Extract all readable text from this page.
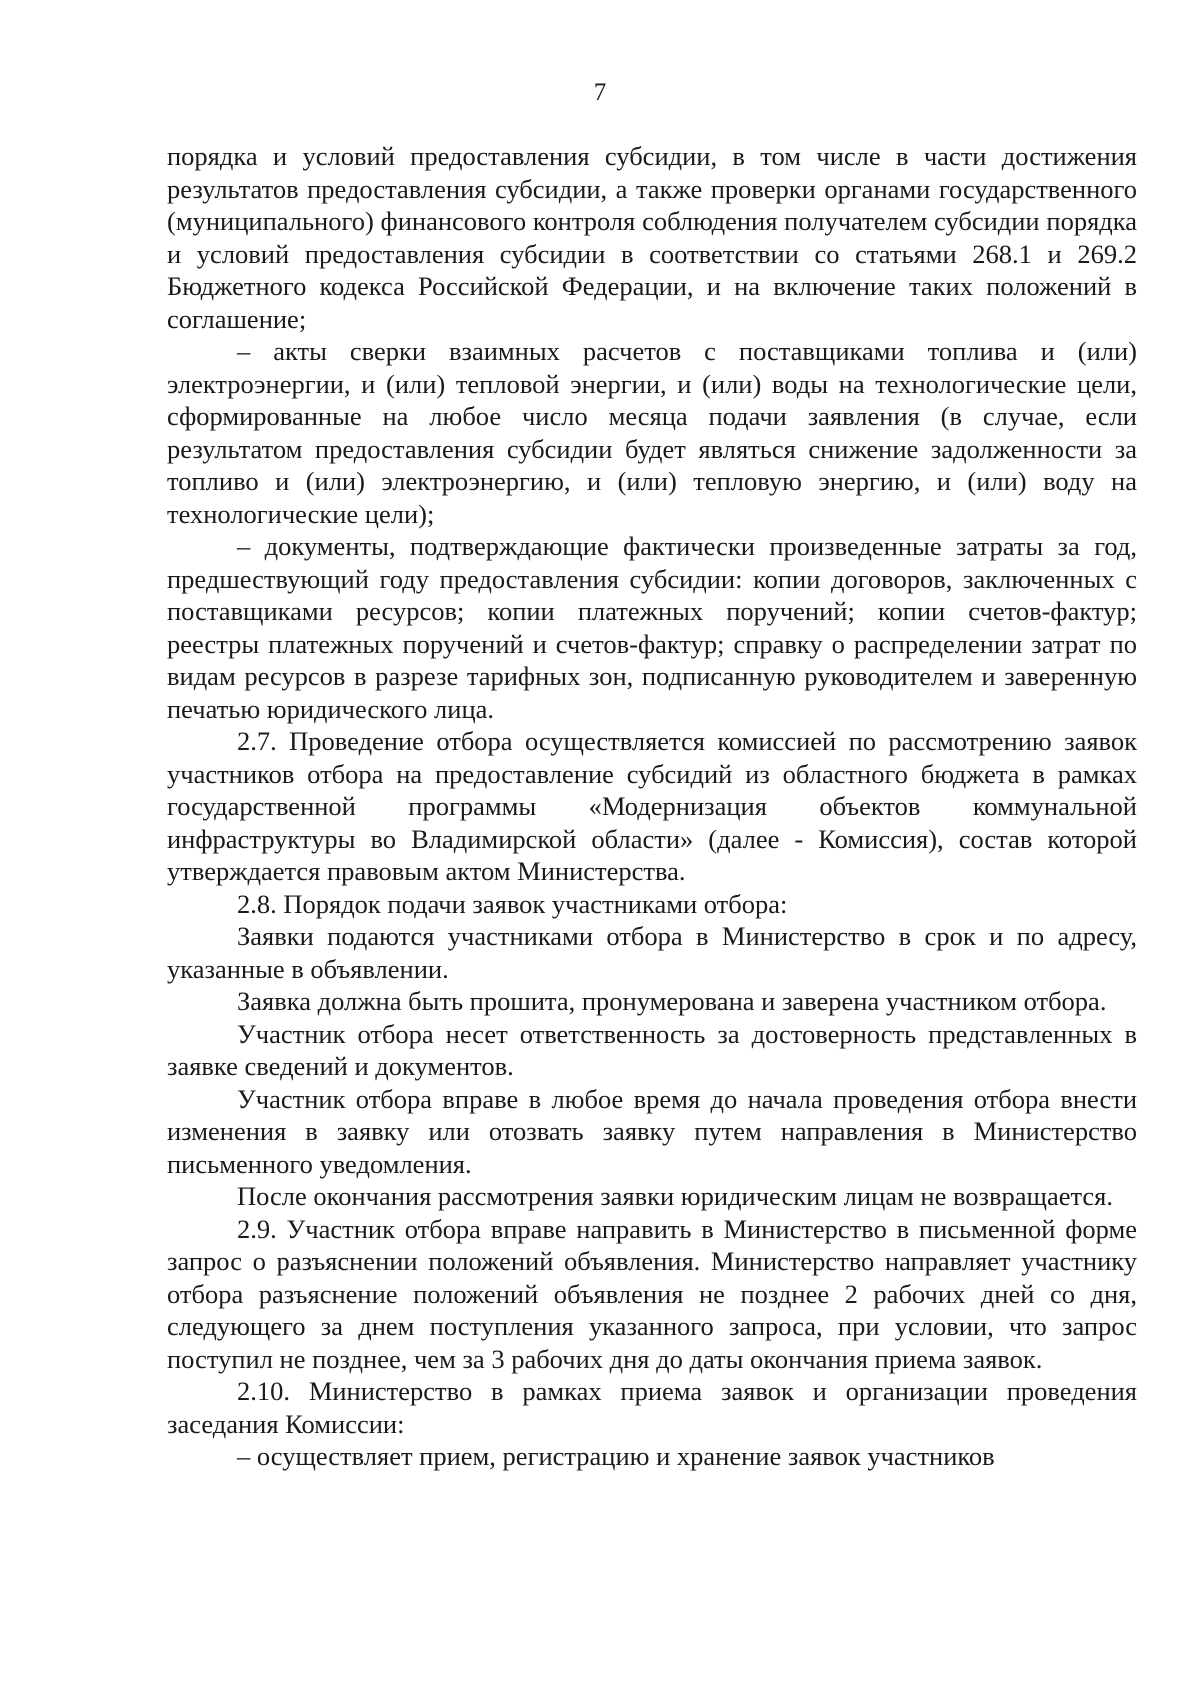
7

порядка и условий предоставления субсидии, в том числе в части достижения результатов предоставления субсидии, а также проверки органами государственного (муниципального) финансового контроля соблюдения получателем субсидии порядка и условий предоставления субсидии в соответствии со статьями 268.1 и 269.2 Бюджетного кодекса Российской Федерации, и на включение таких положений в соглашение;

– акты сверки взаимных расчетов с поставщиками топлива и (или) электроэнергии, и (или) тепловой энергии, и (или) воды на технологические цели, сформированные на любое число месяца подачи заявления (в случае, если результатом предоставления субсидии будет являться снижение задолженности за топливо и (или) электроэнергию, и (или) тепловую энергию, и (или) воду на технологические цели);

– документы, подтверждающие фактически произведенные затраты за год, предшествующий году предоставления субсидии: копии договоров, заключенных с поставщиками ресурсов; копии платежных поручений; копии счетов-фактур; реестры платежных поручений и счетов-фактур; справку о распределении затрат по видам ресурсов в разрезе тарифных зон, подписанную руководителем и заверенную печатью юридического лица.

2.7. Проведение отбора осуществляется комиссией по рассмотрению заявок участников отбора на предоставление субсидий из областного бюджета в рамках государственной программы «Модернизация объектов коммунальной инфраструктуры во Владимирской области» (далее - Комиссия), состав которой утверждается правовым актом Министерства.

2.8. Порядок подачи заявок участниками отбора:

Заявки подаются участниками отбора в Министерство в срок и по адресу, указанные в объявлении.

Заявка должна быть прошита, пронумерована и заверена участником отбора.

Участник отбора несет ответственность за достоверность представленных в заявке сведений и документов.

Участник отбора вправе в любое время до начала проведения отбора внести изменения в заявку или отозвать заявку путем направления в Министерство письменного уведомления.

После окончания рассмотрения заявки юридическим лицам не возвращается.

2.9. Участник отбора вправе направить в Министерство в письменной форме запрос о разъяснении положений объявления. Министерство направляет участнику отбора разъяснение положений объявления не позднее 2 рабочих дней со дня, следующего за днем поступления указанного запроса, при условии, что запрос поступил не позднее, чем за 3 рабочих дня до даты окончания приема заявок.

2.10. Министерство в рамках приема заявок и организации проведения заседания Комиссии:

– осуществляет прием, регистрацию и хранение заявок участников
